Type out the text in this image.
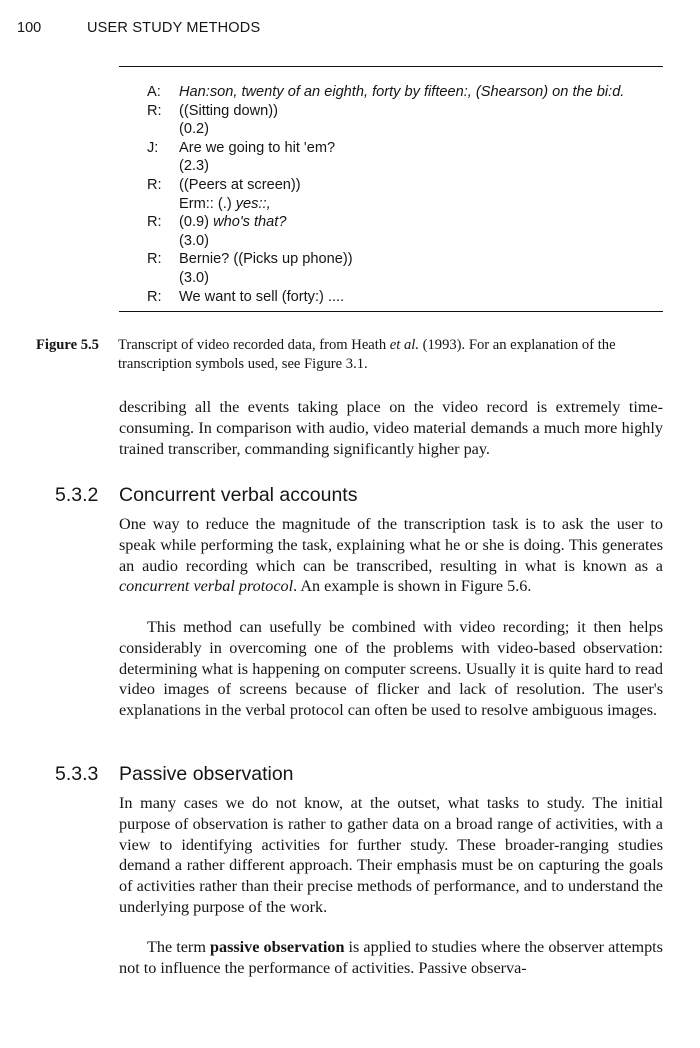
100	USER STUDY METHODS
A: Han:son, twenty of an eighth, forty by fifteen:, (Shearson) on the bi:d.
R: ((Sitting down))
(0.2)
J: Are we going to hit 'em?
(2.3)
R: ((Peers at screen))
Erm:: (.) yes::,
R: (0.9) who's that?
(3.0)
R: Bernie? ((Picks up phone))
(3.0)
R: We want to sell (forty:) ....
Figure 5.5 Transcript of video recorded data, from Heath et al. (1993). For an explanation of the transcription symbols used, see Figure 3.1.
describing all the events taking place on the video record is extremely time-consuming. In comparison with audio, video material demands a much more highly trained transcriber, commanding significantly higher pay.
5.3.2 Concurrent verbal accounts
One way to reduce the magnitude of the transcription task is to ask the user to speak while performing the task, explaining what he or she is doing. This generates an audio recording which can be transcribed, resulting in what is known as a concurrent verbal protocol. An example is shown in Figure 5.6.
This method can usefully be combined with video recording; it then helps considerably in overcoming one of the problems with video-based observation: determining what is happening on computer screens. Usually it is quite hard to read video images of screens because of flicker and lack of resolution. The user's explanations in the verbal protocol can often be used to resolve ambiguous images.
5.3.3 Passive observation
In many cases we do not know, at the outset, what tasks to study. The initial purpose of observation is rather to gather data on a broad range of activities, with a view to identifying activities for further study. These broader-ranging studies demand a rather different approach. Their emphasis must be on capturing the goals of activities rather than their precise methods of performance, and to understand the underlying purpose of the work.
The term passive observation is applied to studies where the observer attempts not to influence the performance of activities. Passive observa-
